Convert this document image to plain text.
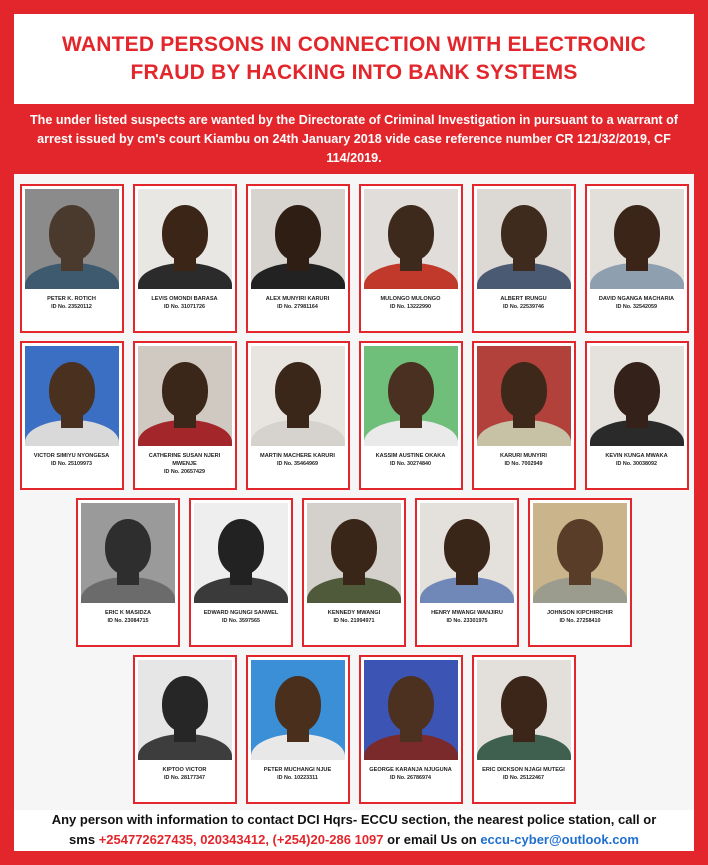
WANTED PERSONS IN CONNECTION WITH ELECTRONIC FRAUD BY HACKING INTO BANK SYSTEMS
The under listed suspects are wanted by the Directorate of Criminal Investigation in pursuant to a warrant of arrest issued by cm's court Kiambu on 24th January 2018 vide case reference number CR 121/32/2019, CF 114/2019.
PETER K. ROTICH
ID No. 23520112
LEVIS OMONDI BARASA
ID No. 31071726
ALEX MUNYIRI KARURI
ID No. 27981164
MULONGO MULONGO
ID No. 13222990
ALBERT IRUNGU
ID No. 22539746
DAVID NGANGA MACHARIA
ID No. 32542059
VICTOR SIMIYU NYONGESA
ID No. 25109973
CATHERINE SUSAN NJERI MWENJE
ID No. 20657429
MARTIN MACHERE KARURI
ID No. 35464969
KASSIM AUSTINE OKAKA
ID No. 30274840
KARURI MUNYIRI
ID No. 7002949
KEVIN KUNGA MWAKA
ID No. 30038092
ERIC K MASIDZA
ID No. 23084715
EDWARD NGUNGI SANWEL
ID No. 3597565
KENNEDY MWANGI
ID No. 21994971
HENRY MWANGI WANJIRU
ID No. 23301975
JOHNSON KIPCHIRCHIR
ID No. 27258410
KIPTOO VICTOR
ID No. 28177347
PETER MUCHANGI NJUE
ID No. 10223311
GEORGE KARANJA NJUGUNA
ID No. 26786974
ERIC DICKSON NJAGI MUTEGI
ID No. 25122467
Any person with information to contact DCI Hqrs- ECCU section, the nearest police station, call or
sms +254772627435, 020343412, (+254)20-286 1097 or email Us on eccu-cyber@outlook.com
